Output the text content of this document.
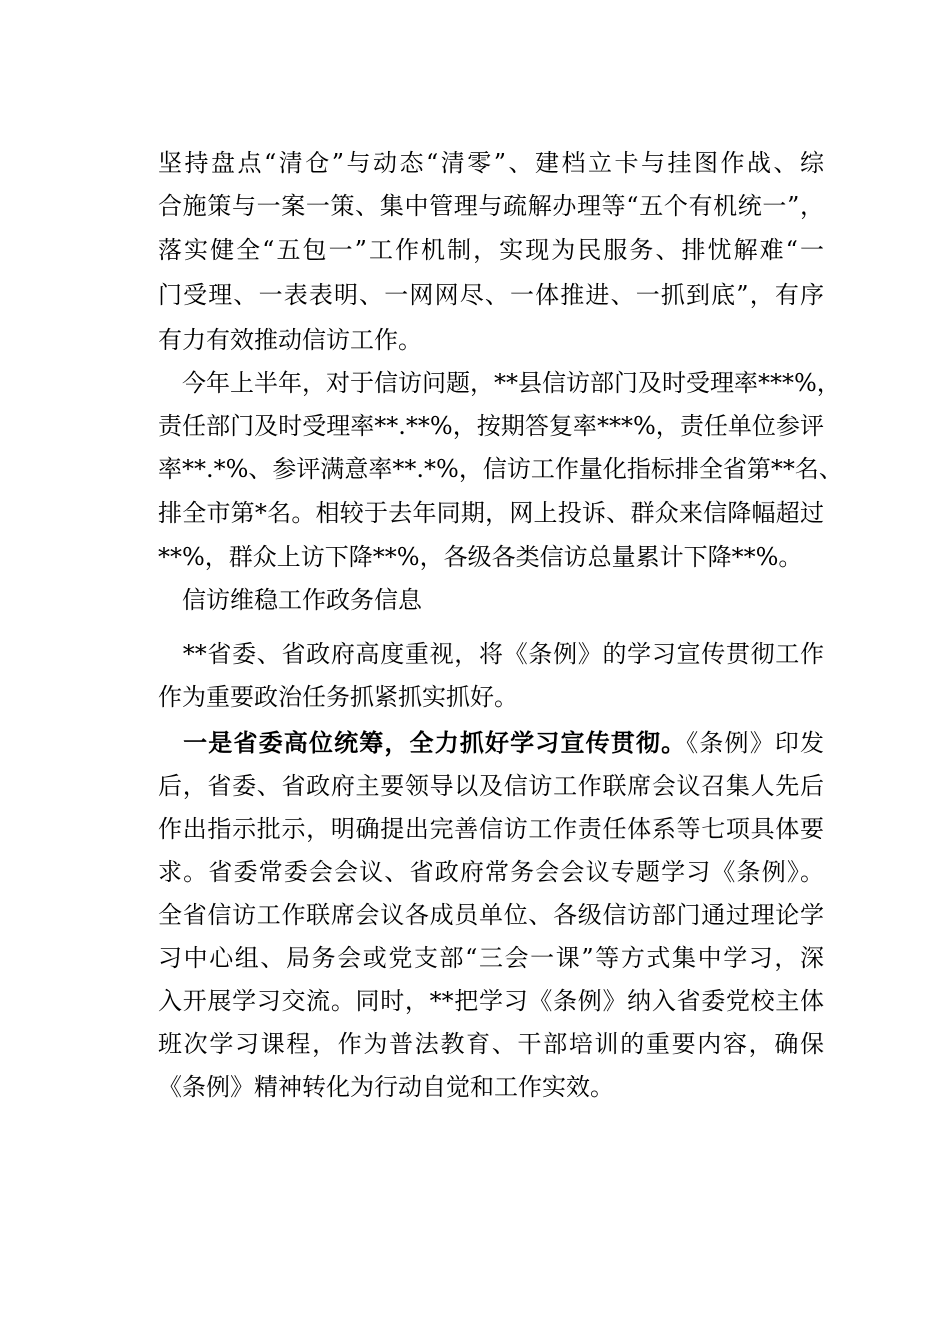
坚持盘点“清仓”与动态“清零”、建档立卡与挂图作战、综
合施策与一案一策、集中管理与疏解办理等“五个有机统一”，
落实健全“五包一”工作机制，实现为民服务、排忧解难“一
门受理、一表表明、一网网尽、一体推进、一抓到底”，有序
有力有效推动信访工作。
　今年上半年，对于信访问题，**县信访部门及时受理率***%，
责任部门及时受理率**.**%，按期答复率***%，责任单位参评
率**.*%、参评满意率**.*%，信访工作量化指标排全省第**名、
排全市第*名。相较于去年同期，网上投诉、群众来信降幅超过
**%，群众上访下降**%，各级各类信访总量累计下降**%。
　信访维稳工作政务信息
　**省委、省政府高度重视，将《条例》的学习宣传贯彻工作
作为重要政治任务抓紧抓实抓好。
　一是省委高位统筹，全力抓好学习宣传贯彻。《条例》印发
后，省委、省政府主要领导以及信访工作联席会议召集人先后
作出指示批示，明确提出完善信访工作责任体系等七项具体要
求。省委常委会会议、省政府常务会会议专题学习《条例》。
全省信访工作联席会议各成员单位、各级信访部门通过理论学
习中心组、局务会或党支部“三会一课”等方式集中学习，深
入开展学习交流。同时，**把学习《条例》纳入省委党校主体
班次学习课程，作为普法教育、干部培训的重要内容，确保
《条例》精神转化为行动自觉和工作实效。
